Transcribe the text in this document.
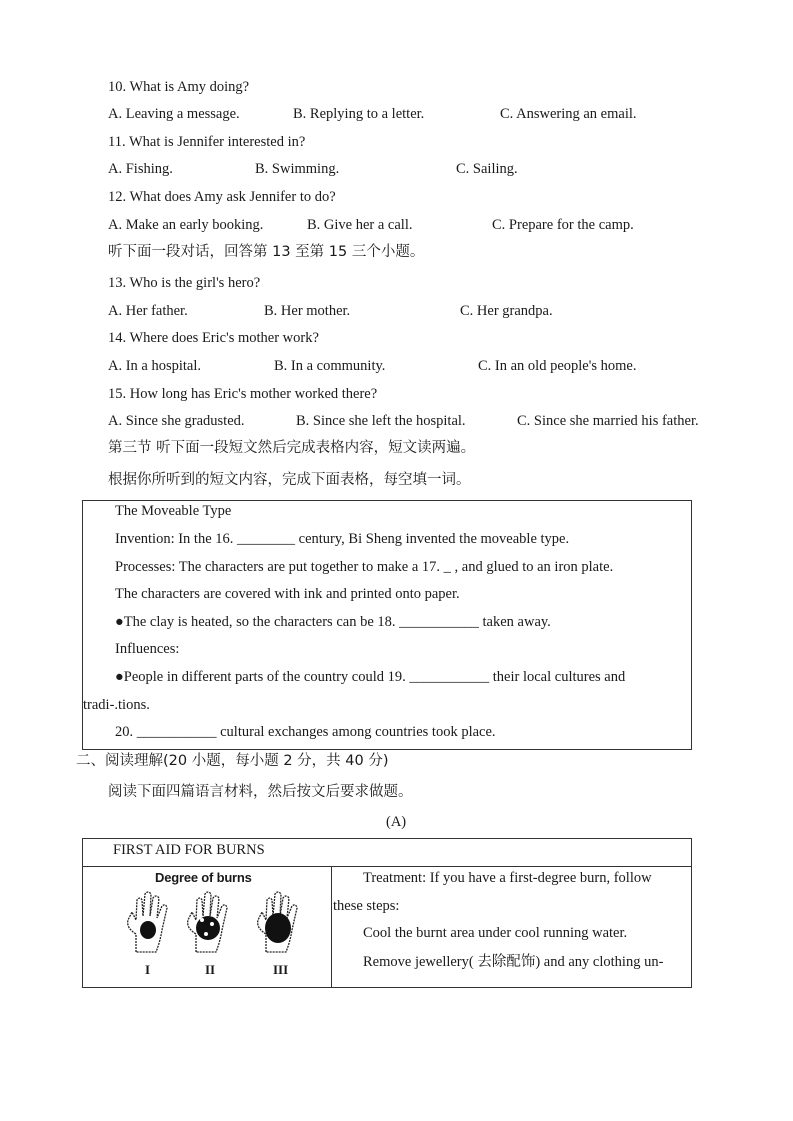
10. What is Amy doing?
A. Leaving a message.	B. Replying to a letter.	C. Answering an email.
11. What is Jennifer interested in?
A. Fishing.	B. Swimming.	C. Sailing.
12. What does Amy ask Jennifer to do?
A. Make an early booking.	B. Give her a call.	C. Prepare for the camp.
听下面一段对话，回答第 13 至第 15 三个小题。
13. Who is the girl's hero?
A. Her father.	B. Her mother.	C. Her grandpa.
14. Where does Eric's mother work?
A. In a hospital.	B. In a community.	C. In an old people's home.
15. How long has Eric's mother worked there?
A. Since she gradusted.	B. Since she left the hospital.	C. Since she married his father.
第三节 听下面一段短文然后完成表格内容，短文读两遍。
根据你所听到的短文内容，完成下面表格，每空填一词。
The Moveable Type
Invention: In the 16. ________ century, Bi Sheng invented the moveable type.
Processes: The characters are put together to make a 17. _ , and glued to an iron plate.
The characters are covered with ink and printed onto paper.
●The clay is heated, so the characters can be 18. ___________ taken away.
Influences:
●People in different parts of the country could 19. ___________ their local cultures and
tradi-.tions.
20. ___________ cultural exchanges among countries took place.
二、阅读理解(20 小题，每小题 2 分，共 40 分)
阅读下面四篇语言材料，然后按文后要求做题。
(A)
FIRST AID FOR BURNS
Degree of burns
I	II	III
Treatment: If you have a first-degree burn, follow
these steps:
Cool the burnt area under cool running water.
Remove jewellery( 去除配饰) and any clothing un-
